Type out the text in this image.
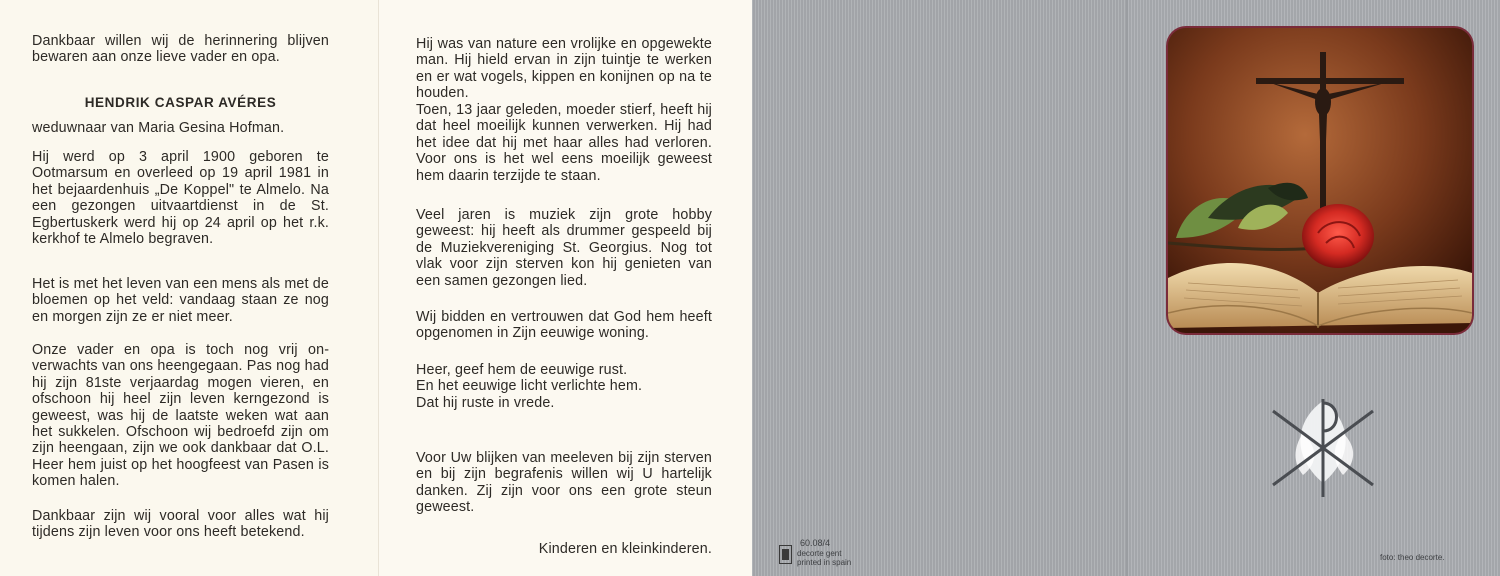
Dankbaar willen wij de herinnering blijven bewaren aan onze lieve vader en opa.
HENDRIK CASPAR AVÉRES
weduwnaar van Maria Gesina Hofman.
Hij werd op 3 april 1900 geboren te Ootmarsum en overleed op 19 april 1981 in het bejaardenhuis „De Koppel" te Almelo. Na een gezongen uitvaartdienst in de St. Egbertuskerk werd hij op 24 april op het r.k. kerkhof te Almelo begraven.
Het is met het leven van een mens als met de bloemen op het veld: vandaag staan ze nog en morgen zijn ze er niet meer.
Onze vader en opa is toch nog vrij onverwachts van ons heengegaan. Pas nog had hij zijn 81ste verjaardag mogen vieren, en ofschoon hij heel zijn leven kerngezond is geweest, was hij de laatste weken wat aan het sukkelen. Ofschoon wij bedroefd zijn om zijn heengaan, zijn we ook dankbaar dat O.L. Heer hem juist op het hoogfeest van Pasen is komen halen.
Dankbaar zijn wij vooral voor alles wat hij tijdens zijn leven voor ons heeft betekend.
Hij was van nature een vrolijke en opgewekte man. Hij hield ervan in zijn tuintje te werken en er wat vogels, kippen en konijnen op na te houden.
Toen, 13 jaar geleden, moeder stierf, heeft hij dat heel moeilijk kunnen verwerken. Hij had het idee dat hij met haar alles had verloren. Voor ons is het wel eens moeilijk geweest hem daarin terzijde te staan.
Veel jaren is muziek zijn grote hobby geweest: hij heeft als drummer gespeeld bij de Muziekvereniging St. Georgius. Nog tot vlak voor zijn sterven kon hij genieten van een samen gezongen lied.
Wij bidden en vertrouwen dat God hem heeft opgenomen in Zijn eeuwige woning.

Heer, geef hem de eeuwige rust.

En het eeuwige licht verlichte hem.

Dat hij ruste in vrede.

Voor Uw blijken van meeleven bij zijn sterven en bij zijn begrafenis willen wij U hartelijk danken. Zij zijn voor ons een grote steun geweest.
Kinderen en kleinkinderen.	60.08/4
decorte gent
printed in spain
foto: theo decorte.
